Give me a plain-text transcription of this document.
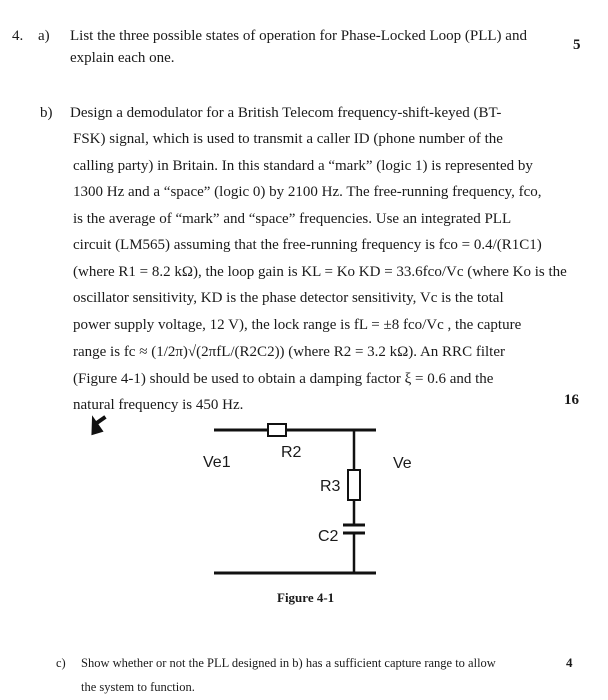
4. a) List the three possible states of operation for Phase-Locked Loop (PLL) and
explain each one.
5
b) Design a demodulator for a British Telecom frequency-shift-keyed (BT-
FSK) signal, which is used to transmit a caller ID (phone number of the
calling party) in Britain. In this standard a “mark” (logic 1) is represented by
1300 Hz and a “space” (logic 0) by 2100 Hz. The free-running frequency, fco,
is the average of “mark” and “space” frequencies. Use an integrated PLL
circuit (LM565) assuming that the free-running frequency is fco = 0.4/(R1C1)
(where R1 = 8.2 kΩ), the loop gain is KL = Ko KD = 33.6fco/Vc (where Ko is the
oscillator sensitivity, KD is the phase detector sensitivity, Vc is the total
power supply voltage, 12 V), the lock range is fL = ±8 fco/Vc , the capture
range is fc ≈ (1/2π)√(2πfL/(R2C2)) (where R2 = 3.2 kΩ). An RRC filter
(Figure 4-1) should be used to obtain a damping factor ξ = 0.6 and the
natural frequency is 450 Hz.	16
Ve1
R2
R3
C2
Ve
Figure 4-1
c) Show whether or not the PLL designed in b) has a sufficient capture range to allow
the system to function.
4
